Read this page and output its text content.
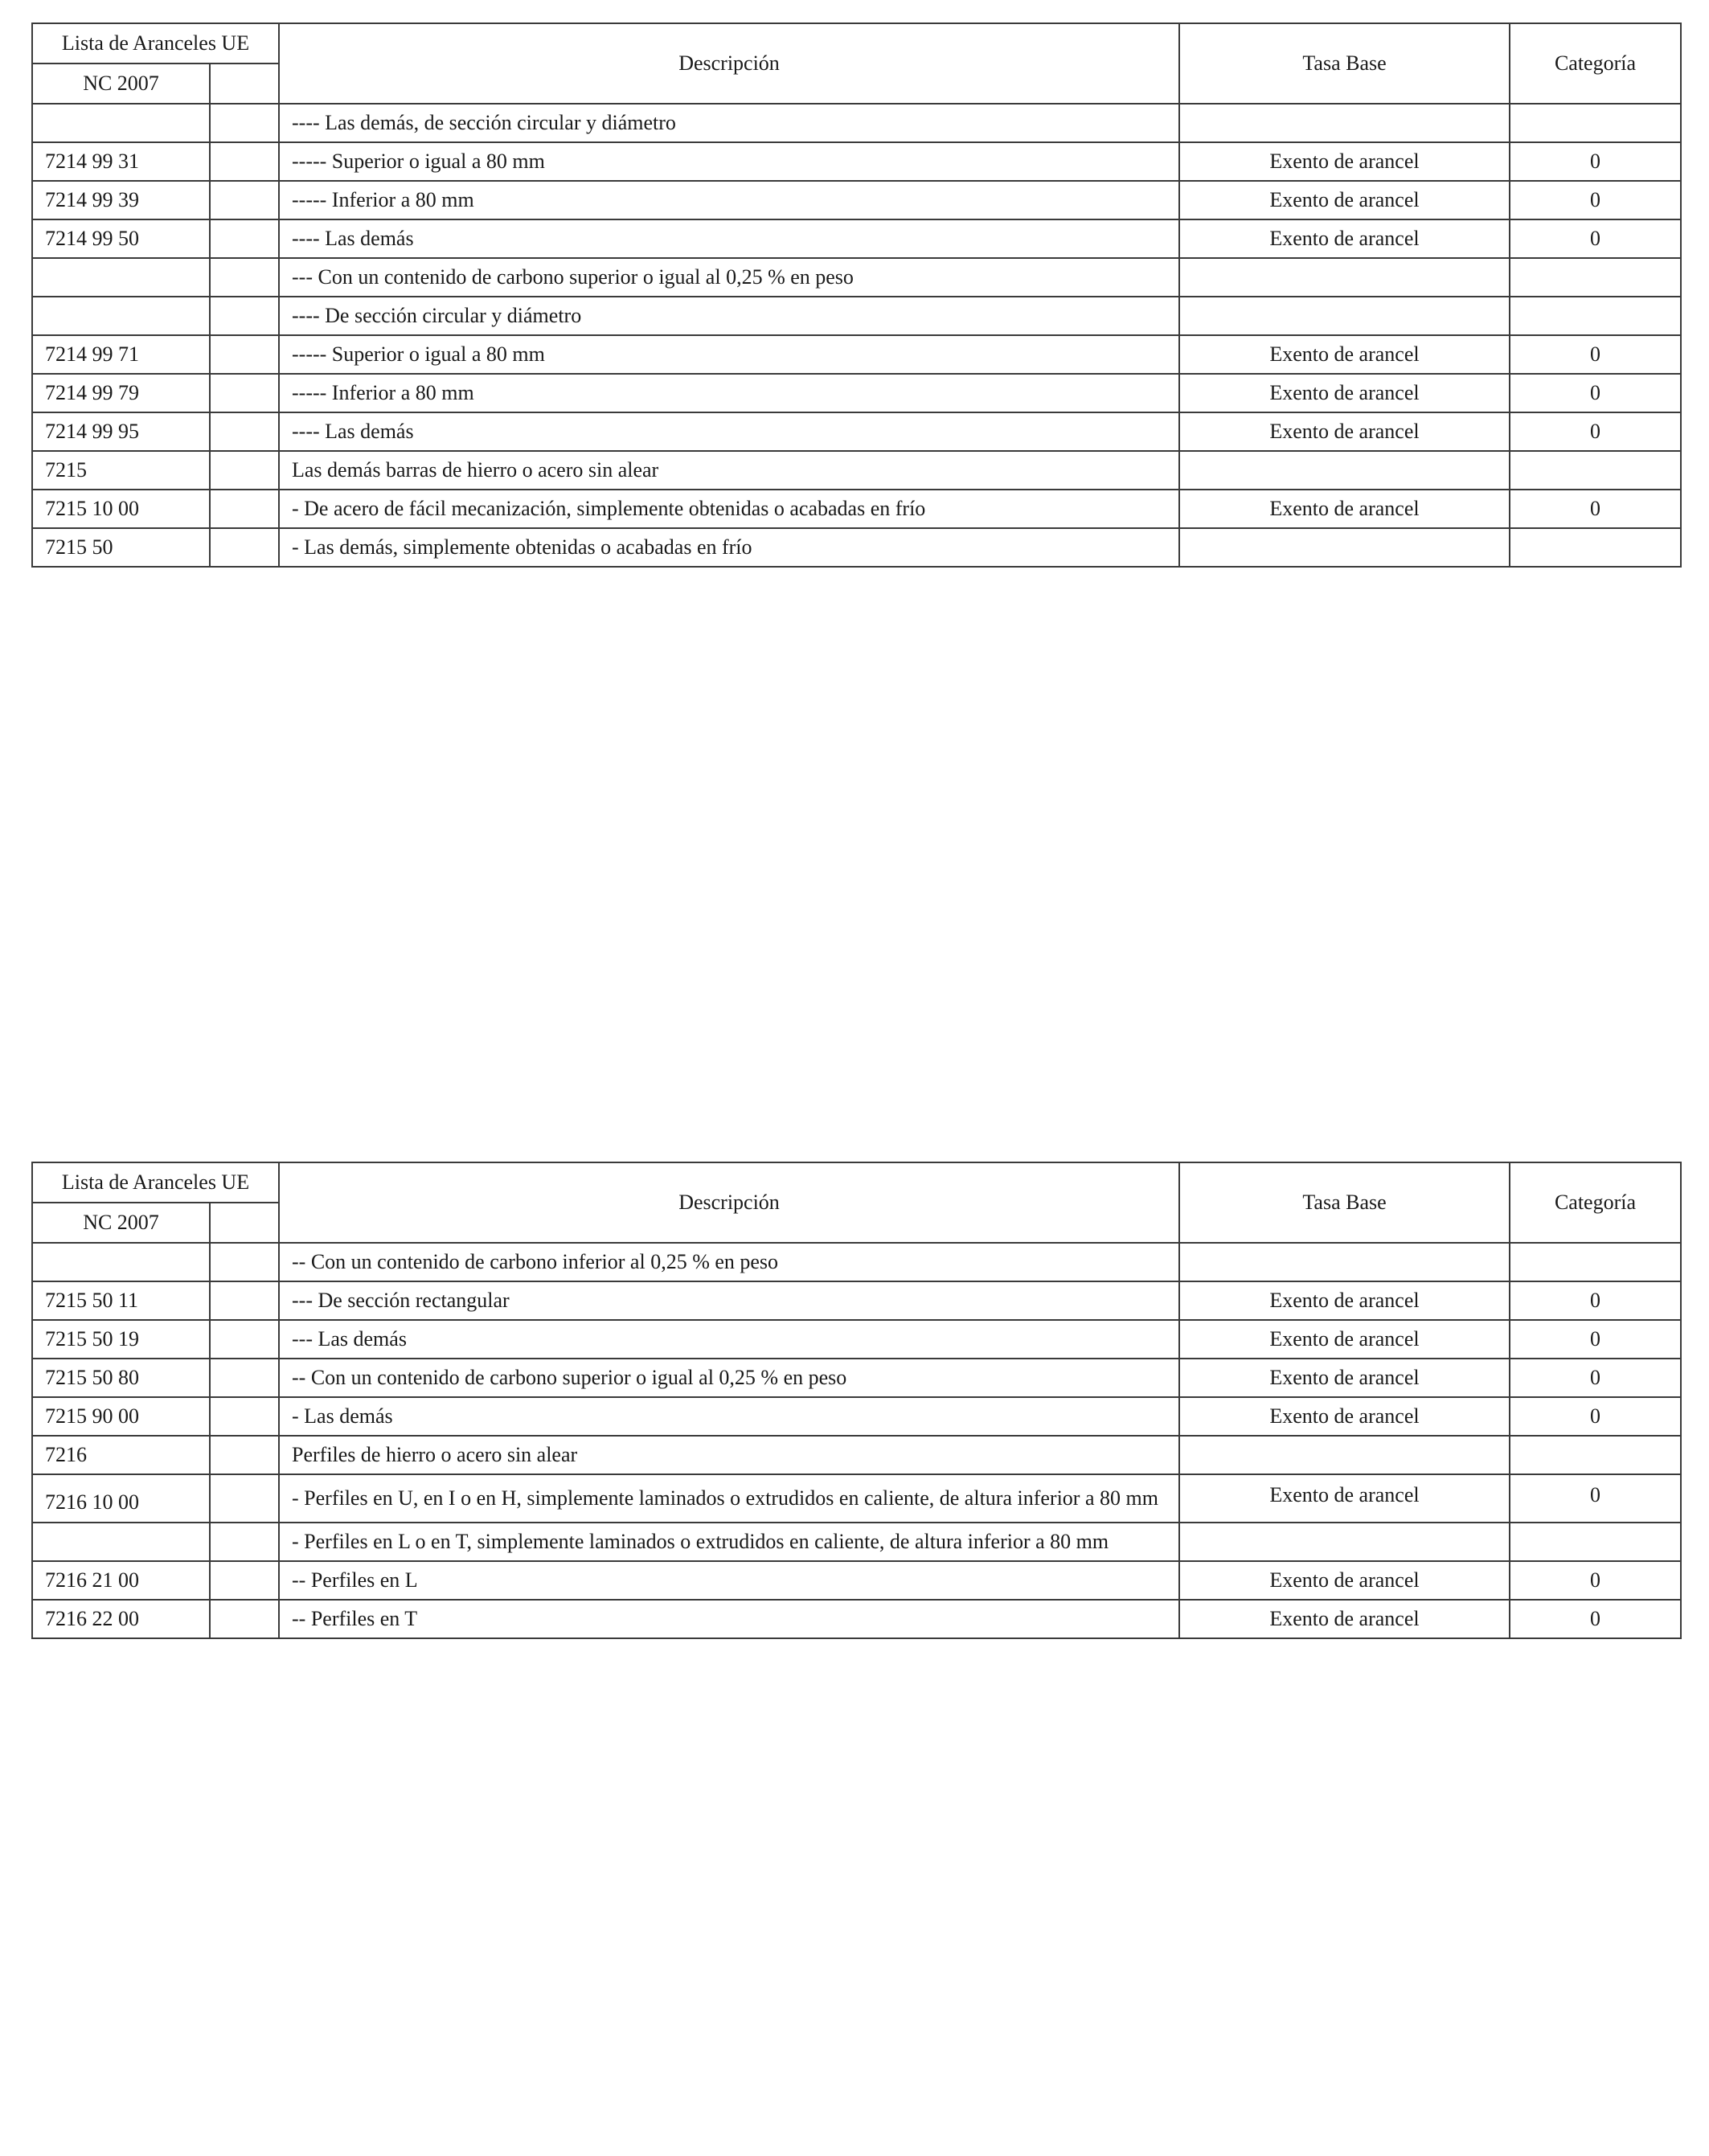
Lista de Aranceles UE		Descripción	Tasa Base	Categoría
NC 2007				
		---- Las demás, de sección circular y diámetro		
7214 99 31		----- Superior o igual a 80 mm	Exento de arancel	0
7214 99 39		----- Inferior a 80 mm	Exento de arancel	0
7214 99 50		---- Las demás	Exento de arancel	0
		--- Con un contenido de carbono superior o igual al 0,25 % en peso		
		---- De sección circular y diámetro		
7214 99 71		----- Superior o igual a 80 mm	Exento de arancel	0
7214 99 79		----- Inferior a 80 mm	Exento de arancel	0
7214 99 95		---- Las demás	Exento de arancel	0
7215		Las demás barras de hierro o acero sin alear		
7215 10 00		- De acero de fácil mecanización, simplemente obtenidas o acabadas en frío	Exento de arancel	0
7215 50		- Las demás, simplemente obtenidas o acabadas en frío		
Lista de Aranceles UE		Descripción	Tasa Base	Categoría
NC 2007				
		-- Con un contenido de carbono inferior al 0,25 % en peso		
7215 50 11		--- De sección rectangular	Exento de arancel	0
7215 50 19		--- Las demás	Exento de arancel	0
7215 50 80		-- Con un contenido de carbono superior o igual al 0,25 % en peso	Exento de arancel	0
7215 90 00		- Las demás	Exento de arancel	0
7216		Perfiles de hierro o acero sin alear		
7216 10 00		- Perfiles en U, en I o en H, simplemente laminados o extrudidos en caliente, de altura inferior a 80 mm	Exento de arancel	0
		- Perfiles en L o en T, simplemente laminados o extrudidos en caliente, de altura inferior a 80 mm		
7216 21 00		-- Perfiles en L	Exento de arancel	0
7216 22 00		-- Perfiles en T	Exento de arancel	0
